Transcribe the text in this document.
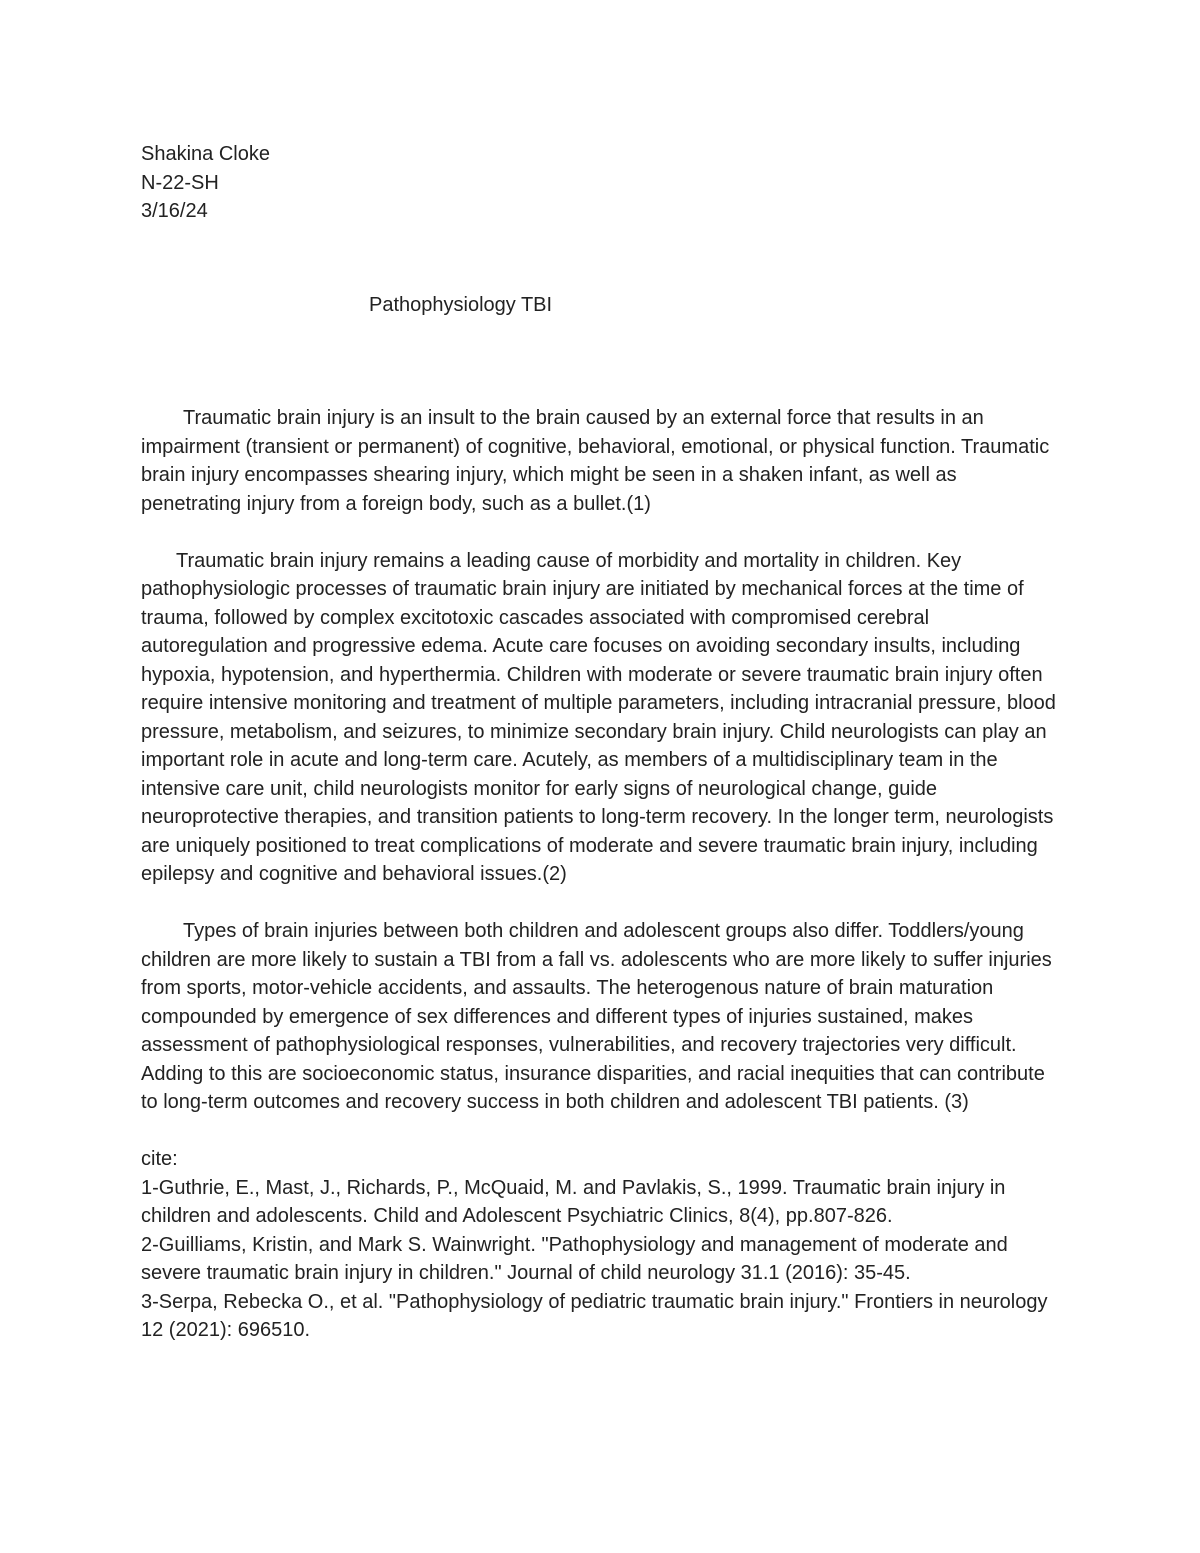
Shakina Cloke
N-22-SH
3/16/24
Pathophysiology TBI

Traumatic brain injury is an insult to the brain caused by an external force that results in an impairment (transient or permanent) of cognitive, behavioral, emotional, or physical function. Traumatic brain injury encompasses shearing injury, which might be seen in a shaken infant, as well as penetrating injury from a foreign body, such as a bullet.(1)

Traumatic brain injury remains a leading cause of morbidity and mortality in children. Key pathophysiologic processes of traumatic brain injury are initiated by mechanical forces at the time of trauma, followed by complex excitotoxic cascades associated with compromised cerebral autoregulation and progressive edema. Acute care focuses on avoiding secondary insults, including hypoxia, hypotension, and hyperthermia. Children with moderate or severe traumatic brain injury often require intensive monitoring and treatment of multiple parameters, including intracranial pressure, blood pressure, metabolism, and seizures, to minimize secondary brain injury. Child neurologists can play an important role in acute and long-term care. Acutely, as members of a multidisciplinary team in the intensive care unit, child neurologists monitor for early signs of neurological change, guide neuroprotective therapies, and transition patients to long-term recovery. In the longer term, neurologists are uniquely positioned to treat complications of moderate and severe traumatic brain injury, including epilepsy and cognitive and behavioral issues.(2)

Types of brain injuries between both children and adolescent groups also differ. Toddlers/young children are more likely to sustain a TBI from a fall vs. adolescents who are more likely to suffer injuries from sports, motor-vehicle accidents, and assaults. The heterogenous nature of brain maturation compounded by emergence of sex differences and different types of injuries sustained, makes assessment of pathophysiological responses, vulnerabilities, and recovery trajectories very difficult. Adding to this are socioeconomic status, insurance disparities, and racial inequities that can contribute to long-term outcomes and recovery success in both children and adolescent TBI patients. (3)

cite:

1-Guthrie, E., Mast, J., Richards, P., McQuaid, M. and Pavlakis, S., 1999. Traumatic brain injury in children and adolescents. Child and Adolescent Psychiatric Clinics, 8(4), pp.807-826.

2-Guilliams, Kristin, and Mark S. Wainwright. "Pathophysiology and management of moderate and severe traumatic brain injury in children." Journal of child neurology 31.1 (2016): 35-45.

3-Serpa, Rebecka O., et al. "Pathophysiology of pediatric traumatic brain injury." Frontiers in neurology 12 (2021): 696510.
